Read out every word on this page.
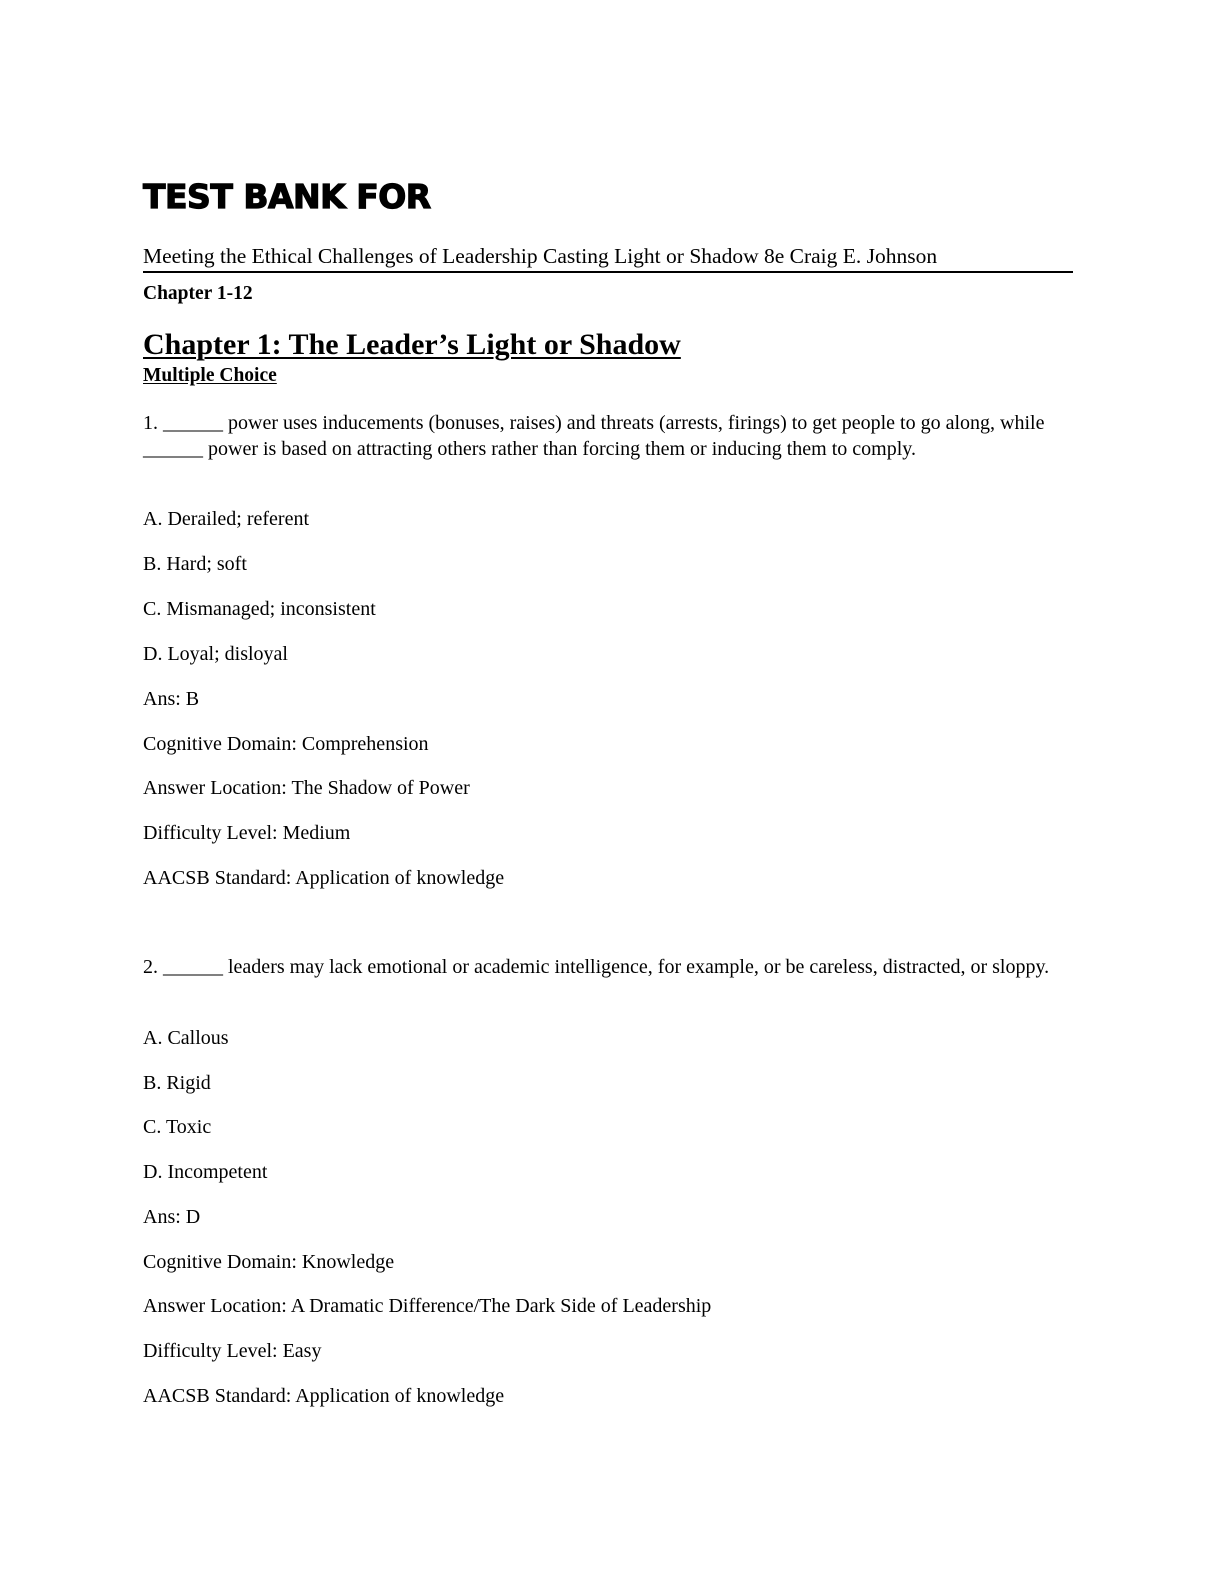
TEST BANK FOR
Meeting the Ethical Challenges of Leadership Casting Light or Shadow 8e Craig E. Johnson
Chapter 1-12
Chapter 1: The Leader’s Light or Shadow
Multiple Choice
1. ______ power uses inducements (bonuses, raises) and threats (arrests, firings) to get people to go along, while ______ power is based on attracting others rather than forcing them or inducing them to comply.
A. Derailed; referent
B. Hard; soft
C. Mismanaged; inconsistent
D. Loyal; disloyal
Ans: B
Cognitive Domain: Comprehension
Answer Location: The Shadow of Power
Difficulty Level: Medium
AACSB Standard: Application of knowledge
2. ______ leaders may lack emotional or academic intelligence, for example, or be careless, distracted, or sloppy.
A. Callous
B. Rigid
C. Toxic
D. Incompetent
Ans: D
Cognitive Domain: Knowledge
Answer Location: A Dramatic Difference/The Dark Side of Leadership
Difficulty Level: Easy
AACSB Standard: Application of knowledge
